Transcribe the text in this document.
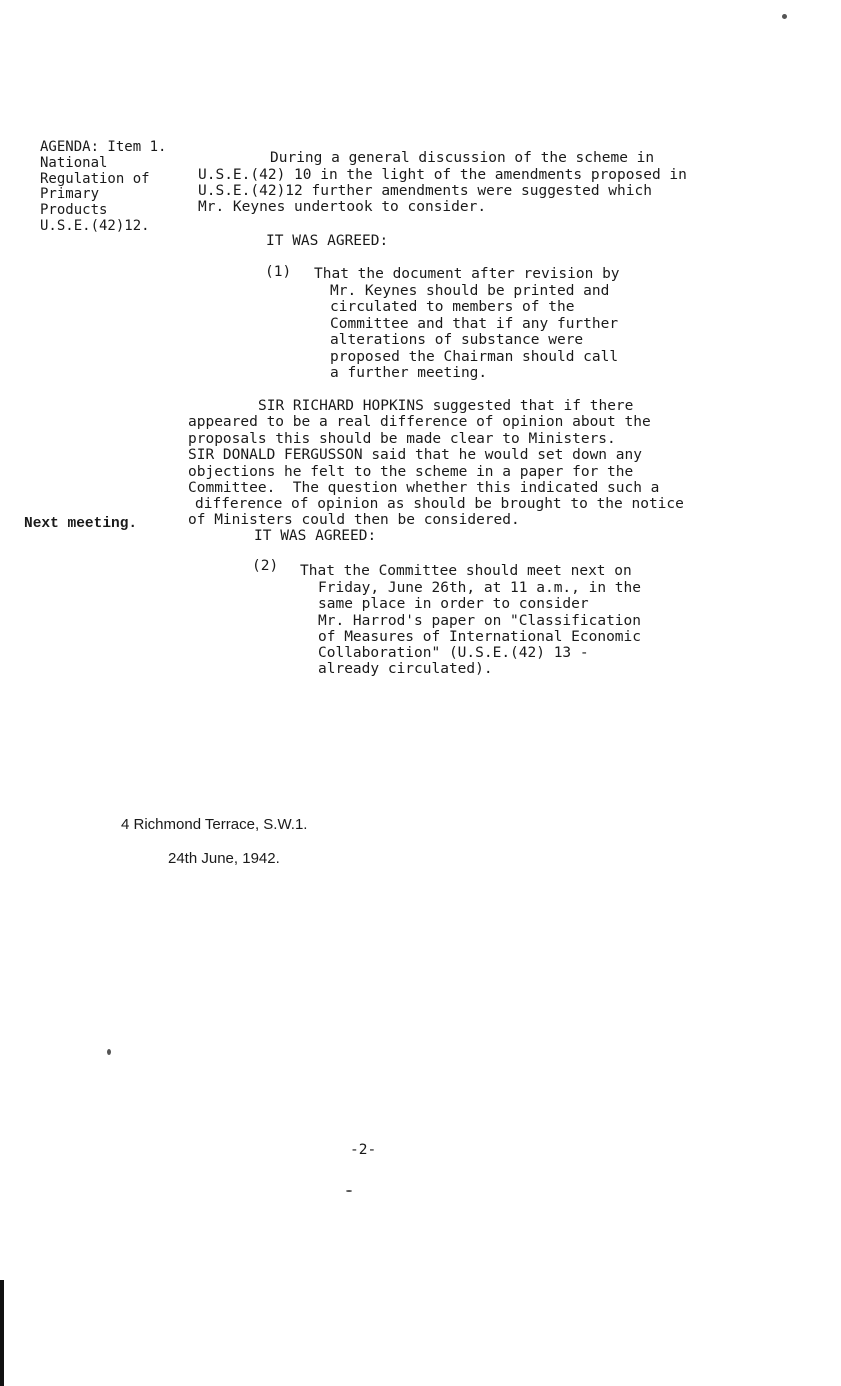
AGENDA: Item 1.
National
Regulation of
Primary
Products
U.S.E.(42)12.
During a general discussion of the scheme in
U.S.E.(42) 10 in the light of the amendments proposed in
U.S.E.(42)12 further amendments were suggested which
Mr. Keynes undertook to consider.
IT WAS AGREED:
(1) That the document after revision by
Mr. Keynes should be printed and
circulated to members of the
Committee and that if any further
alterations of substance were
proposed the Chairman should call
a further meeting.
SIR RICHARD HOPKINS suggested that if there
appeared to be a real difference of opinion about the
proposals this should be made clear to Ministers.
SIR DONALD FERGUSSON said that he would set down any
objections he felt to the scheme in a paper for the
Committee.  The question whether this indicated such a
difference of opinion as should be brought to the notice
of Ministers could then be considered.
Next meeting.
IT WAS AGREED:
(2) That the Committee should meet next on
Friday, June 26th, at 11 a.m., in the
same place in order to consider
Mr. Harrod's paper on "Classification
of Measures of International Economic
Collaboration" (U.S.E.(42) 13 -
already circulated).
4 Richmond Terrace, S.W.1.
24th June, 1942.
-2-
